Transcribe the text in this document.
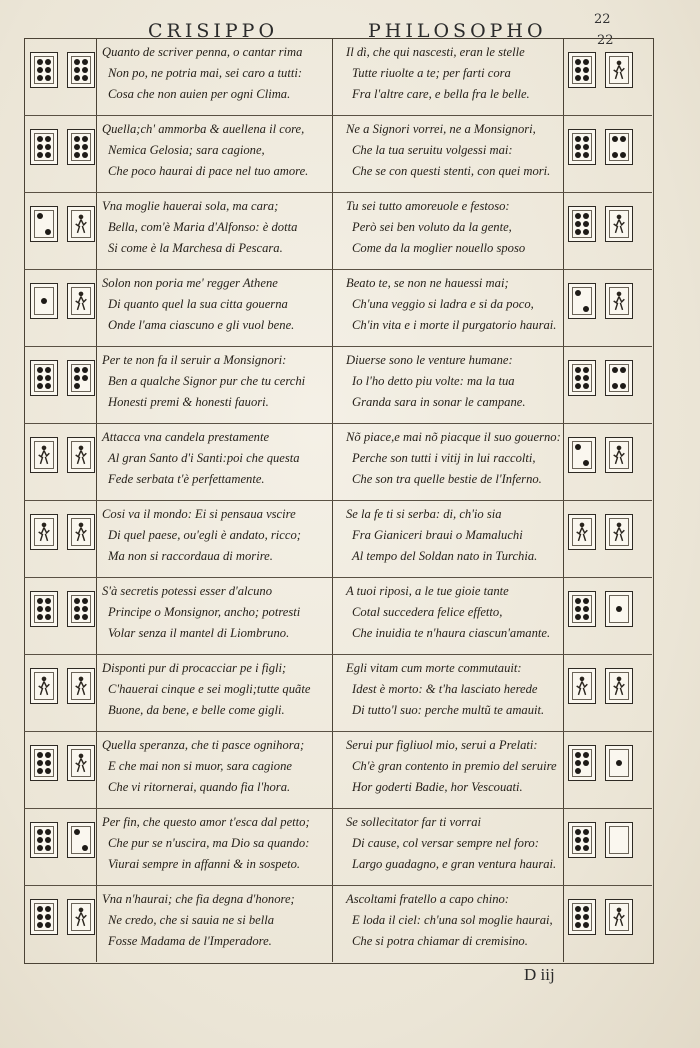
22
22
CRISIPPO	PHILOSOPHO
Quanto de scriver penna, o cantar rima
Non po, ne potria mai, sei caro a tutti:
Cosa che non auien per ogni Clima.
Il dì, che qui nascesti, eran le stelle
Tutte riuolte a te; per farti cora
Fra l'altre care, e bella fra le belle.
Quella;ch' ammorba & auellena il core,
Nemica Gelosia; sara cagione,
Che poco haurai di pace nel tuo amore.
Ne a Signori vorrei, ne a Monsignori,
Che la tua seruitu volgessi mai:
Che se con questi stenti, con quei mori.
Vna moglie hauerai sola, ma cara;
Bella, com'è Maria d'Alfonso: è dotta
Si come è la Marchesa di Pescara.
Tu sei tutto amoreuole e festoso:
Però sei ben voluto da la gente,
Come da la moglier nouello sposo
Solon non poria me' regger Athene
Di quanto quel la sua citta gouerna
Onde l'ama ciascuno e gli vuol bene.
Beato te, se non ne hauessi mai;
Ch'una veggio si ladra e si da poco,
Ch'in vita e i morte il purgatorio haurai.
Per te non fa il seruir a Monsignori:
Ben a qualche Signor pur che tu cerchi
Honesti premi & honesti fauori.
Diuerse sono le venture humane:
Io l'ho detto piu volte: ma la tua
Granda sara in sonar le campane.
Attacca vna candela prestamente
Al gran Santo d'i Santi:poi che questa
Fede serbata t'è perfettamente.
Nõ piace,e mai nõ piacque il suo gouerno:
Perche son tutti i vitij in lui raccolti,
Che son tra quelle bestie de l'Inferno.
Cosi va il mondo: Ei si pensaua vscire
Di quel paese, ou'egli è andato, ricco;
Ma non si raccordaua di morire.
Se la fe ti si serba: di, ch'io sia
Fra Gianiceri braui o Mamaluchi
Al tempo del Soldan nato in Turchia.
S'à secretis potessi esser d'alcuno
Principe o Monsignor, ancho; potresti
Volar senza il mantel di Liombruno.
A tuoi riposi, a le tue gioie tante
Cotal succedera felice effetto,
Che inuidia te n'haura ciascun'amante.
Disponti pur di procacciar pe i figli;
C'hauerai cinque e sei mogli;tutte quãte
Buone, da bene, e belle come gigli.
Egli vitam cum morte commutauit:
Idest è morto: & t'ha lasciato herede
Di tutto'l suo: perche multũ te amauit.
Quella speranza, che ti pasce ognihora;
E che mai non si muor, sara cagione
Che vi ritornerai, quando fia l'hora.
Serui pur figliuol mio, serui a Prelati:
Ch'è gran contento in premio del seruire
Hor goderti Badie, hor Vescouati.
Per fin, che questo amor t'esca dal petto;
Che pur se n'uscira, ma Dio sa quando:
Viurai sempre in affanni & in sospeto.
Se sollecitator far ti vorrai
Di cause, col versar sempre nel foro:
Largo guadagno, e gran ventura haurai.
Vna n'haurai; che fia degna d'honore;
Ne credo, che si sauia ne si bella
Fosse Madama de l'Imperadore.
Ascoltami fratello a capo chino:
E loda il ciel: ch'una sol moglie haurai,
Che si potra chiamar di cremisino.
D iij
